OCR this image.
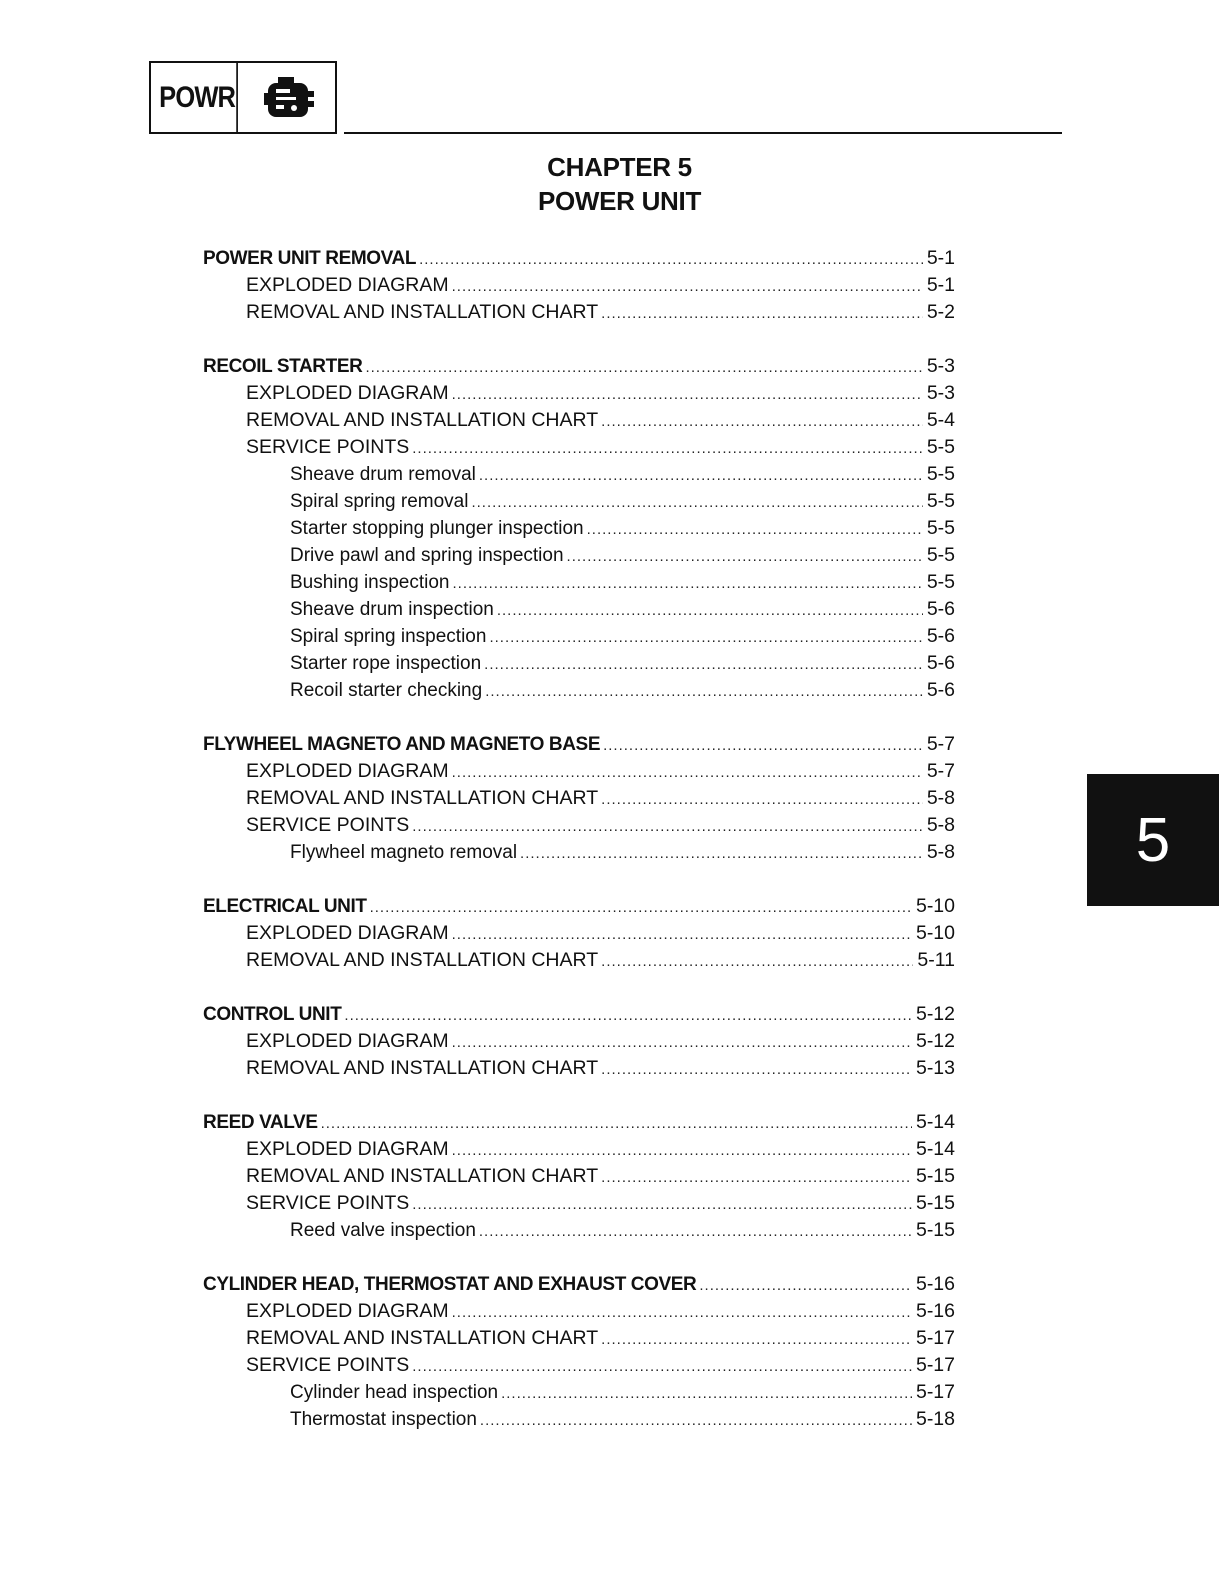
POWR
CHAPTER 5
POWER UNIT
POWER UNIT REMOVAL .....	5-1
EXPLODED DIAGRAM .....	5-1
REMOVAL AND INSTALLATION CHART .....	5-2
RECOIL STARTER .....	5-3
EXPLODED DIAGRAM .....	5-3
REMOVAL AND INSTALLATION CHART .....	5-4
SERVICE POINTS .....	5-5
Sheave drum removal .....	5-5
Spiral spring removal .....	5-5
Starter stopping plunger inspection .....	5-5
Drive pawl and spring inspection .....	5-5
Bushing inspection .....	5-5
Sheave drum inspection .....	5-6
Spiral spring inspection .....	5-6
Starter rope inspection .....	5-6
Recoil starter checking .....	5-6
FLYWHEEL MAGNETO AND MAGNETO BASE .....	5-7
EXPLODED DIAGRAM .....	5-7
REMOVAL AND INSTALLATION CHART .....	5-8
SERVICE POINTS .....	5-8
Flywheel magneto removal .....	5-8
ELECTRICAL UNIT .....	5-10
EXPLODED DIAGRAM .....	5-10
REMOVAL AND INSTALLATION CHART .....	5-11
CONTROL UNIT .....	5-12
EXPLODED DIAGRAM .....	5-12
REMOVAL AND INSTALLATION CHART .....	5-13
REED VALVE .....	5-14
EXPLODED DIAGRAM .....	5-14
REMOVAL AND INSTALLATION CHART .....	5-15
SERVICE POINTS .....	5-15
Reed valve inspection .....	5-15
CYLINDER HEAD, THERMOSTAT AND EXHAUST COVER .....	5-16
EXPLODED DIAGRAM .....	5-16
REMOVAL AND INSTALLATION CHART .....	5-17
SERVICE POINTS .....	5-17
Cylinder head inspection .....	5-17
Thermostat inspection .....	5-18
5
